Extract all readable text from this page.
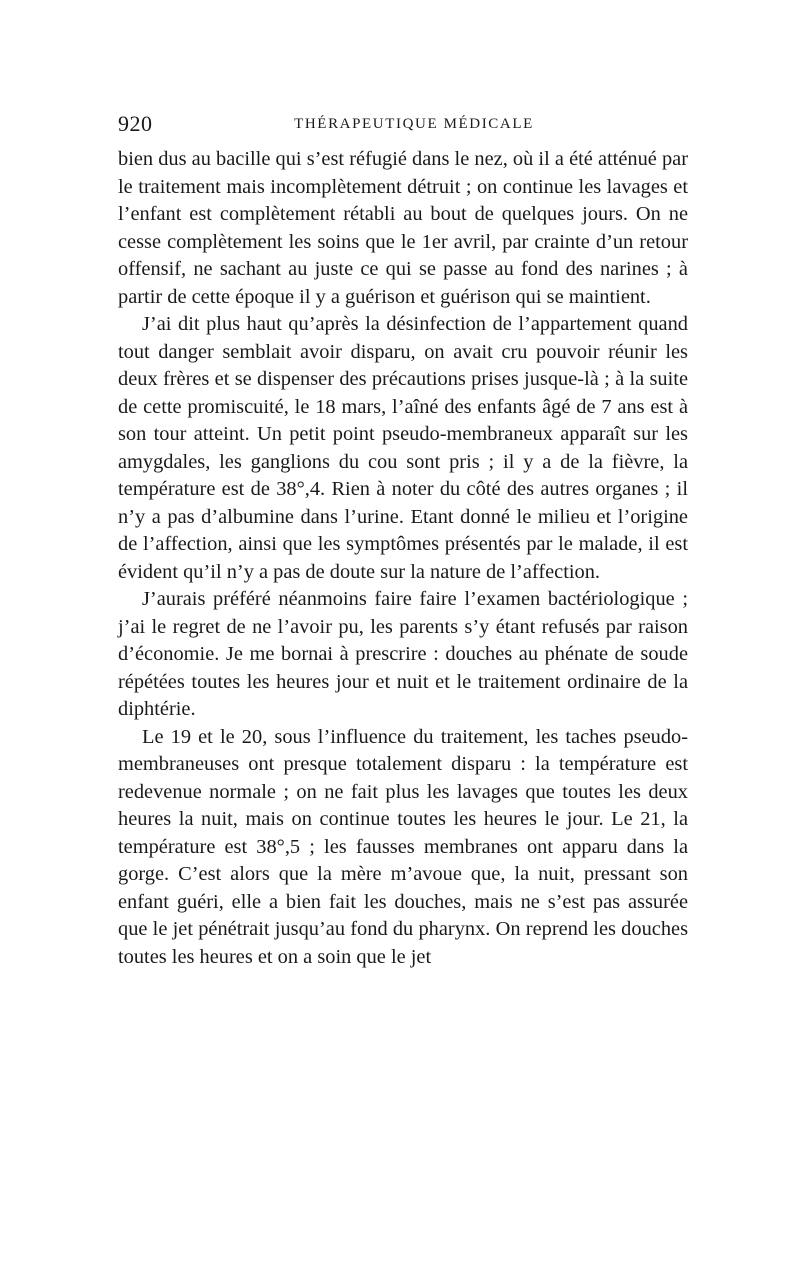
920	THÉRAPEUTIQUE MÉDICALE

bien dus au bacille qui s’est réfugié dans le nez, où il a été atténué par le traitement mais incomplètement détruit ; on continue les lavages et l’enfant est complètement rétabli au bout de quelques jours. On ne cesse complètement les soins que le 1er avril, par crainte d’un retour offensif, ne sachant au juste ce qui se passe au fond des narines ; à partir de cette époque il y a guérison et guérison qui se maintient.

J’ai dit plus haut qu’après la désinfection de l’appartement quand tout danger semblait avoir disparu, on avait cru pouvoir réunir les deux frères et se dispenser des précautions prises jusque-là ; à la suite de cette promiscuité, le 18 mars, l’aîné des enfants âgé de 7 ans est à son tour atteint. Un petit point pseudo-membraneux apparaît sur les amygdales, les ganglions du cou sont pris ; il y a de la fièvre, la température est de 38°,4. Rien à noter du côté des autres organes ; il n’y a pas d’albumine dans l’urine. Etant donné le milieu et l’origine de l’affection, ainsi que les symptômes présentés par le malade, il est évident qu’il n’y a pas de doute sur la nature de l’affection.

J’aurais préféré néanmoins faire faire l’examen bactériologique ; j’ai le regret de ne l’avoir pu, les parents s’y étant refusés par raison d’économie. Je me bornai à prescrire : douches au phénate de soude répétées toutes les heures jour et nuit et le traitement ordinaire de la diphtérie.

Le 19 et le 20, sous l’influence du traitement, les taches pseudo-membraneuses ont presque totalement disparu : la température est redevenue normale ; on ne fait plus les lavages que toutes les deux heures la nuit, mais on continue toutes les heures le jour. Le 21, la température est 38°,5 ; les fausses membranes ont apparu dans la gorge. C’est alors que la mère m’avoue que, la nuit, pressant son enfant guéri, elle a bien fait les douches, mais ne s’est pas assurée que le jet pénétrait jusqu’au fond du pharynx. On reprend les douches toutes les heures et on a soin que le jet
